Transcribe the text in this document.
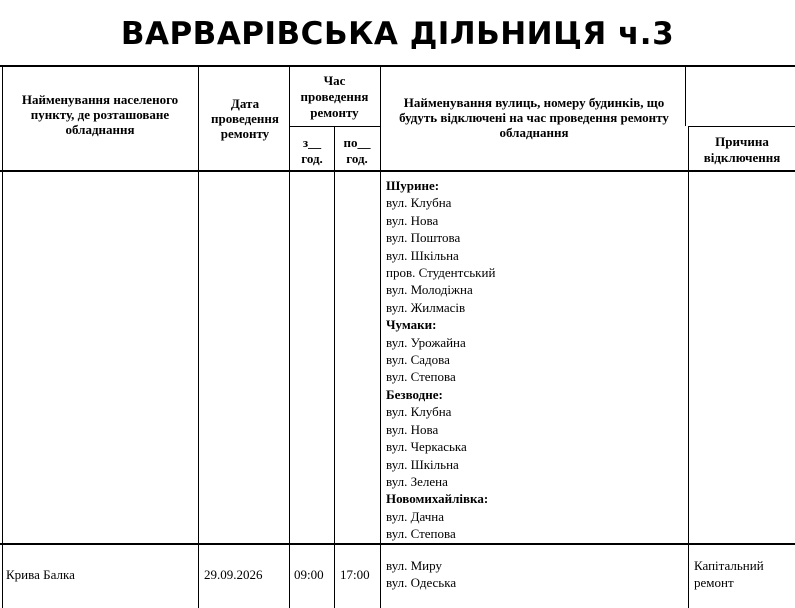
ВАРВАРІВСЬКА ДІЛЬНИЦЯ ч.3
Найменування населеного пункту, де розташоване обладнання
Дата проведення ремонту
Час проведення ремонту
з__ год.
по__ год.
Найменування вулиць, номеру будинків, що будуть відключені на час проведення ремонту обладнання
Причина відключення
Шурине:
вул. Клубна
вул. Нова
вул. Поштова
вул. Шкільна
пров. Студентський
вул. Молодіжна
вул. Жилмасів
Чумаки:
вул. Урожайна
вул. Садова
вул. Степова
Безводне:
вул. Клубна
вул. Нова
вул. Черкаська
вул. Шкільна
вул. Зелена
Новомихайлівка:
вул. Дачна
вул. Степова
Крива Балка	29.09.2026 09:00 17:00
вул. Миру
вул. Одеська
Капітальний
ремонт
